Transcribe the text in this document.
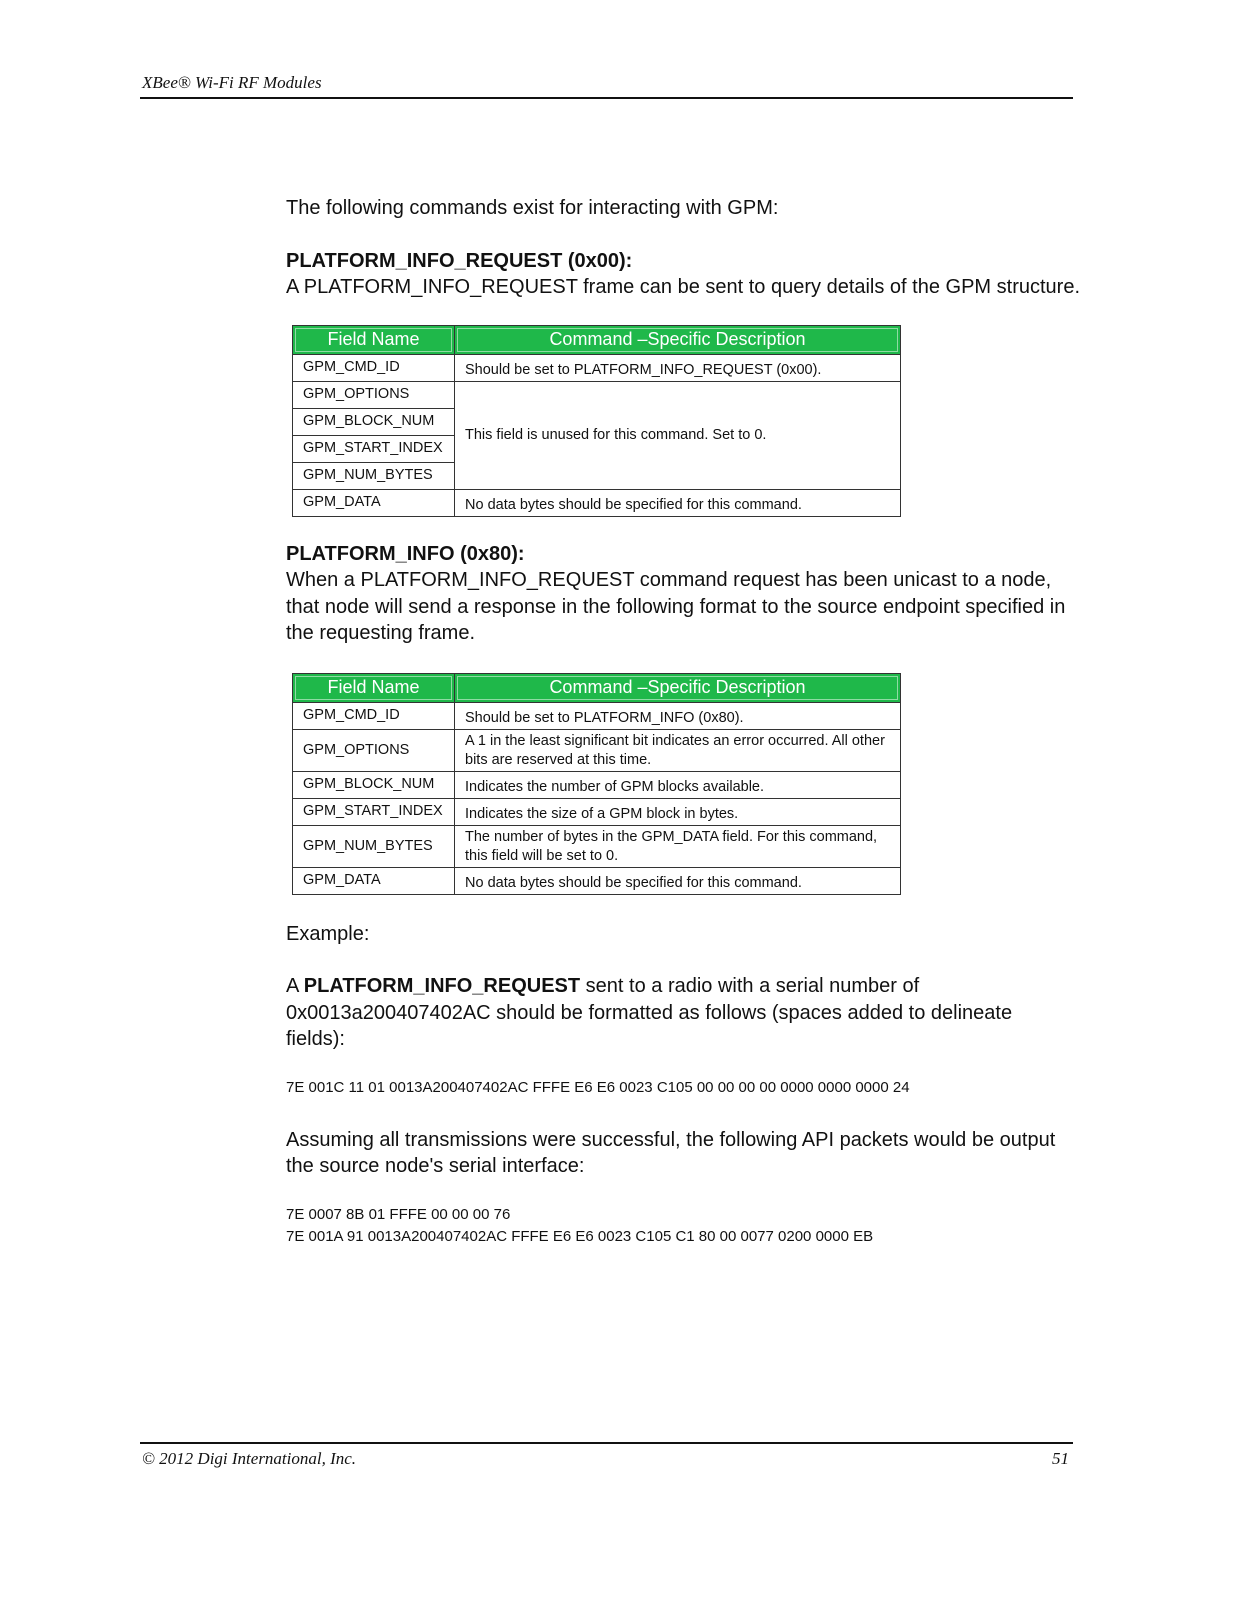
XBee® Wi-Fi RF Modules

The following commands exist for interacting with GPM:

PLATFORM_INFO_REQUEST (0x00):

A PLATFORM_INFO_REQUEST frame can be sent to query details of the GPM structure.

Field Name	Command –Specific Description
GPM_CMD_ID	Should be set to PLATFORM_INFO_REQUEST (0x00).
GPM_OPTIONS	This field is unused for this command. Set to 0.
GPM_BLOCK_NUM	
GPM_START_INDEX	
GPM_NUM_BYTES	
GPM_DATA	No data bytes should be specified for this command.

PLATFORM_INFO (0x80):

When a PLATFORM_INFO_REQUEST command request has been unicast to a node, that node will send a response in the following format to the source endpoint specified in the requesting frame.

Field Name	Command –Specific Description
GPM_CMD_ID	Should be set to PLATFORM_INFO (0x80).
GPM_OPTIONS	A 1 in the least significant bit indicates an error occurred. All other bits are reserved at this time.
GPM_BLOCK_NUM	Indicates the number of GPM blocks available.
GPM_START_INDEX	Indicates the size of a GPM block in bytes.
GPM_NUM_BYTES	The number of bytes in the GPM_DATA field. For this command, this field will be set to 0.
GPM_DATA	No data bytes should be specified for this command.

Example:

A PLATFORM_INFO_REQUEST sent to a radio with a serial number of 0x0013a200407402AC should be formatted as follows (spaces added to delineate fields):

7E 001C 11 01 0013A200407402AC FFFE E6 E6 0023 C105 00 00 00 00 0000 0000 0000 24

Assuming all transmissions were successful, the following API packets would be output the source node's serial interface:

7E 0007 8B 01 FFFE 00 00 00 76

7E 001A 91 0013A200407402AC FFFE E6 E6 0023 C105 C1 80 00 0077 0200 0000 EB

© 2012 Digi International, Inc.	51
